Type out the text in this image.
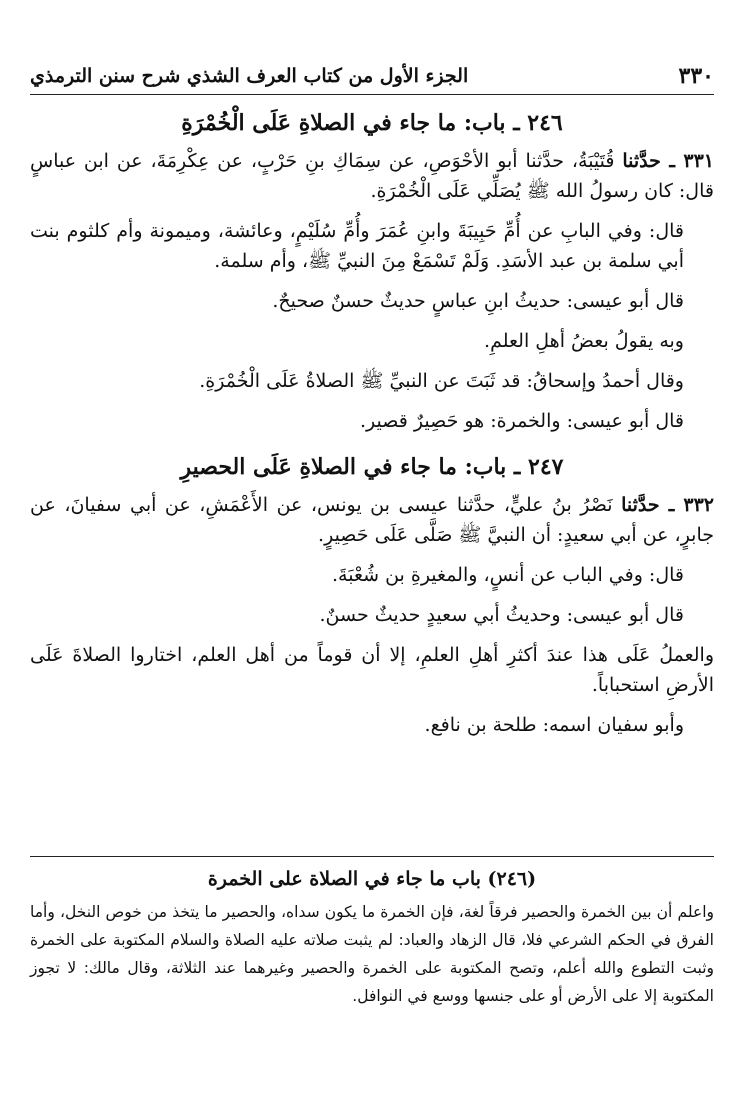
٣٣٠
الجزء الأول من كتاب العرف الشذي شرح سنن الترمذي
٢٤٦ ـ باب: ما جاء في الصلاةِ عَلَى الْخُمْرَةِ

٣٣١ ـ حدَّثنا قُتَيْبَةُ، حدَّثنا أبو الأحْوَصِ، عن سِمَاكِ بنِ حَرْبٍ، عن عِكْرِمَةَ، عن ابن عباسٍ قال: كان رسولُ الله ﷺ يُصَلِّي عَلَى الْخُمْرَةِ.

قال: وفي البابِ عن أُمِّ حَبِيبَةَ وابنِ عُمَرَ وأُمِّ سُلَيْمٍ، وعائشة، وميمونة وأم كلثوم بنت أبي سلمة بن عبد الأسَدِ. وَلَمْ تَسْمَعْ مِنَ النبيِّ ﷺ، وأم سلمة.

قال أبو عيسى: حديثُ ابنِ عباسٍ حديثٌ حسنٌ صحيحٌ.

وبه يقولُ بعضُ أهلِ العلمِ.

وقال أحمدُ وإسحاقُ: قد ثَبَتَ عن النبيِّ ﷺ الصلاةُ عَلَى الْخُمْرَةِ.

قال أبو عيسى: والخمرة: هو حَصِيرٌ قصير.

٢٤٧ ـ باب: ما جاء في الصلاةِ عَلَى الحصيرِ

٣٣٢ ـ حدَّثنا نَصْرُ بنُ عليٍّ، حدَّثنا عيسى بن يونس، عن الأَعْمَشِ، عن أبي سفيانَ، عن جابرٍ، عن أبي سعيدٍ: أن النبيَّ ﷺ صَلَّى عَلَى حَصِيرٍ.

قال: وفي الباب عن أنسٍ، والمغيرةِ بن شُعْبَةَ.

قال أبو عيسى: وحديثُ أبي سعيدٍ حديثٌ حسنٌ.

والعملُ عَلَى هذا عندَ أكثرِ أهلِ العلمِ، إلا أن قوماً من أهل العلم، اختاروا الصلاةَ عَلَى الأرضِ استحباباً.

وأبو سفيان اسمه: طلحة بن نافع.

(٢٤٦) باب ما جاء في الصلاة على الخمرة

واعلم أن بين الخمرة والحصير فرقاً لغة، فإن الخمرة ما يكون سداه، والحصير ما يتخذ من خوص النخل، وأما الفرق في الحكم الشرعي فلا، قال الزهاد والعباد: لم يثبت صلاته عليه الصلاة والسلام المكتوبة على الخمرة وثبت التطوع والله أعلم، وتصح المكتوبة على الخمرة والحصير وغيرهما عند الثلاثة، وقال مالك: لا تجوز المكتوبة إلا على الأرض أو على جنسها ووسع في النوافل.
